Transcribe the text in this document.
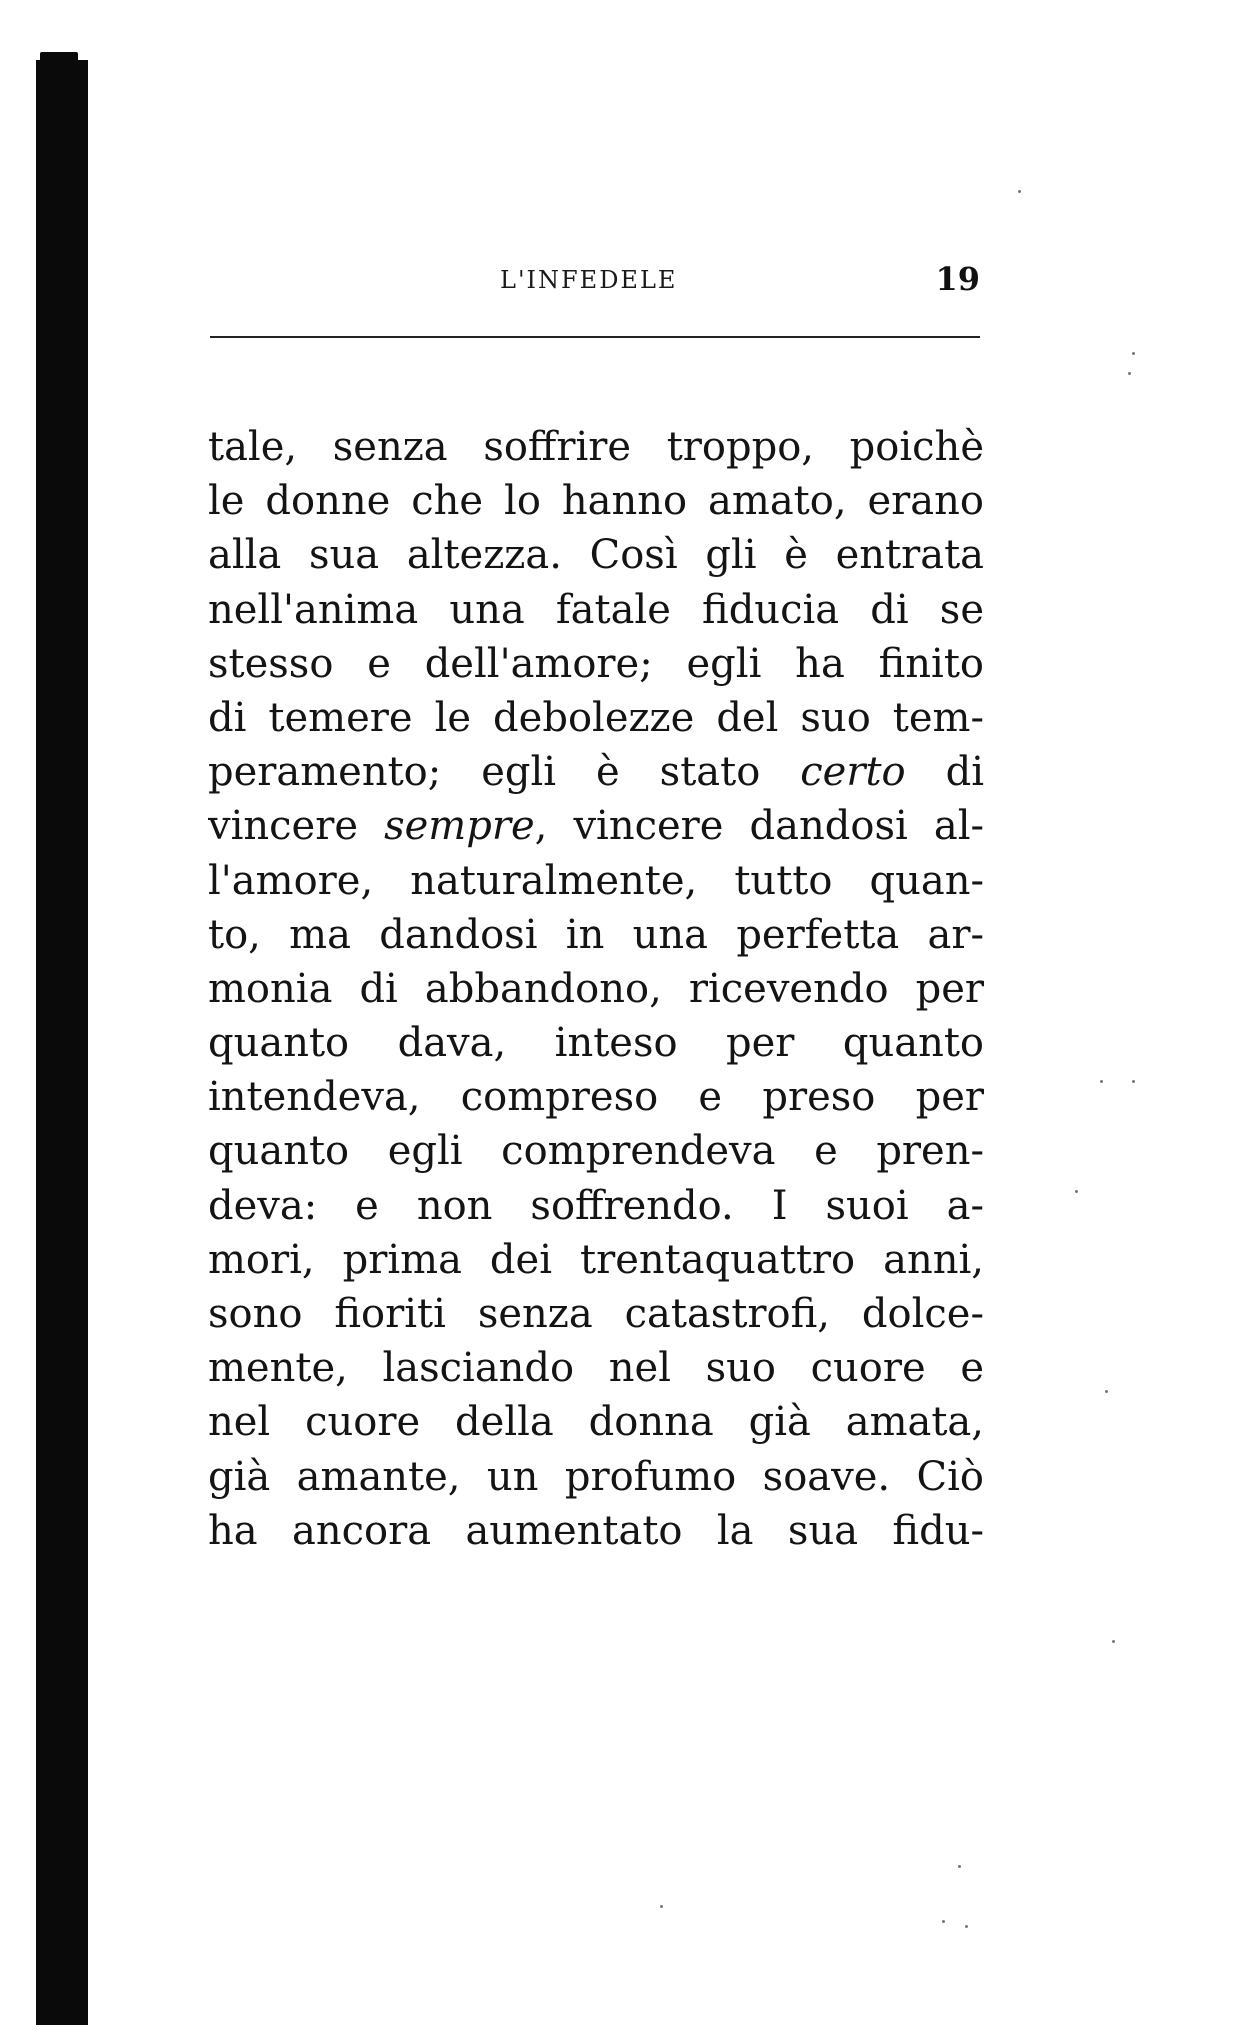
L'INFEDELE	19
tale, senza soffrire troppo, poichè
le donne che lo hanno amato, erano
alla sua altezza. Così gli è entrata
nell'anima una fatale fiducia di se
stesso e dell'amore; egli ha finito
di temere le debolezze del suo tem-
peramento; egli è stato certo di
vincere sempre, vincere dandosi al-
l'amore, naturalmente, tutto quan-
to, ma dandosi in una perfetta ar-
monia di abbandono, ricevendo per
quanto dava, inteso per quanto
intendeva, compreso e preso per
quanto egli comprendeva e pren-
deva: e non soffrendo. I suoi a-
mori, prima dei trentaquattro anni,
sono fioriti senza catastrofi, dolce-
mente, lasciando nel suo cuore e
nel cuore della donna già amata,
già amante, un profumo soave. Ciò
ha ancora aumentato la sua fidu-
